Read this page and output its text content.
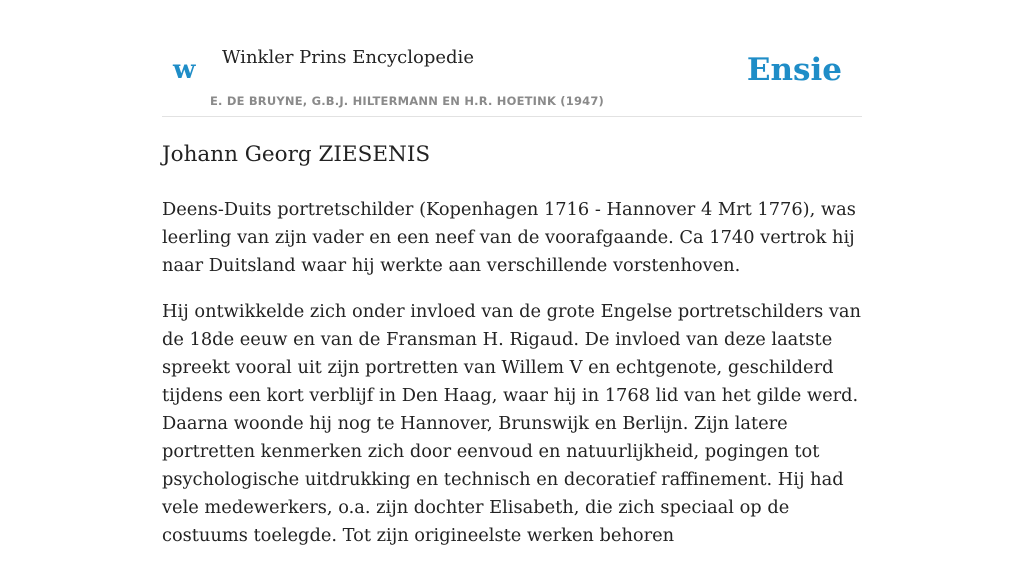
w Winkler Prins Encyclopedie
E. DE BRUYNE, G.B.J. HILTERMANN EN H.R. HOETINK (1947)
Ensie
Johann Georg ZIESENIS

Deens-Duits portretschilder (Kopenhagen 1716 - Hannover 4 Mrt 1776), was leerling van zijn vader en een neef van de voorafgaande. Ca 1740 vertrok hij naar Duitsland waar hij werkte aan verschillende vorstenhoven.

Hij ontwikkelde zich onder invloed van de grote Engelse portretschilders van de 18de eeuw en van de Fransman H. Rigaud. De invloed van deze laatste spreekt vooral uit zijn portretten van Willem V en echtgenote, geschilderd tijdens een kort verblijf in Den Haag, waar hij in 1768 lid van het gilde werd. Daarna woonde hij nog te Hannover, Brunswijk en Berlijn. Zijn latere portretten kenmerken zich door eenvoud en natuurlijkheid, pogingen tot psychologische uitdrukking en technisch en decoratief raffinement. Hij had vele medewerkers, o.a. zijn dochter Elisabeth, die zich speciaal op de costuums toelegde. Tot zijn origineelste werken behoren
